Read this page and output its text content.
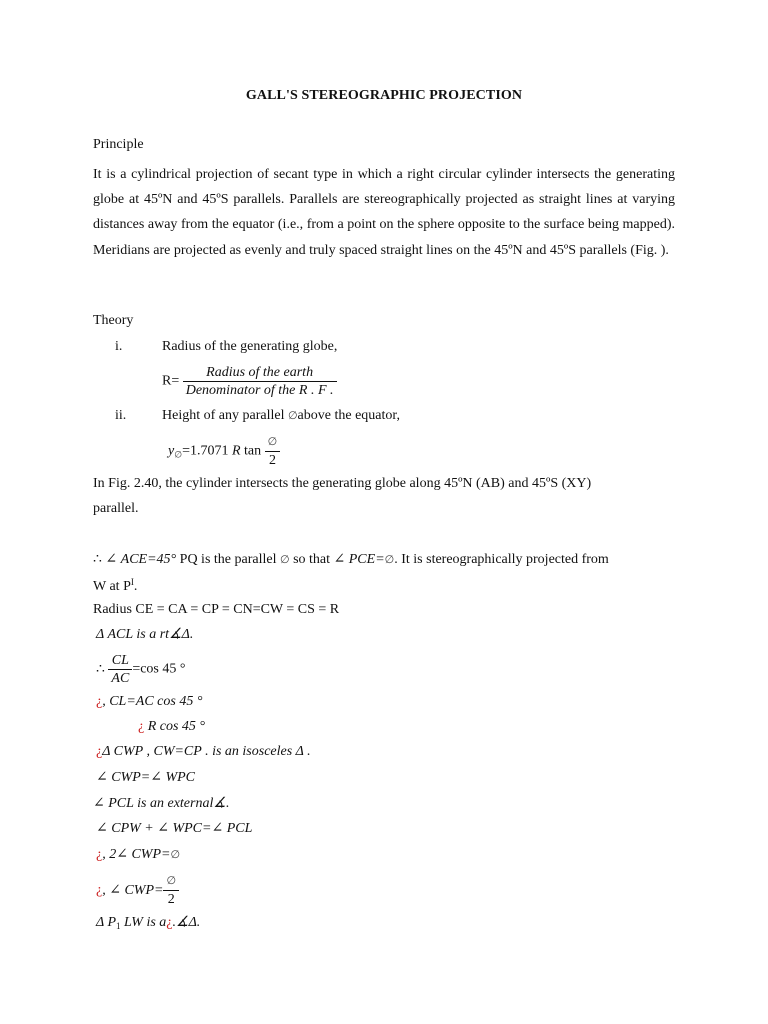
GALL'S STEREOGRAPHIC PROJECTION
Principle
It is a cylindrical projection of secant type in which a right circular cylinder intersects the generating globe at 45ºN and 45ºS parallels. Parallels are stereographically projected as straight lines at varying distances away from the equator (i.e., from a point on the sphere opposite to the surface being mapped). Meridians are projected as evenly and truly spaced straight lines on the 45ºN and 45ºS parallels (Fig. ).
Theory
i.	Radius of the generating globe,
$R= \frac{\text{Radius of the earth}}{\text{Denominator of the R . F .}}$
ii.	Height of any parallel ∅above the equator,
$y_\emptyset=1.7071$ R $\tan \frac{\emptyset}{2}$
In Fig. 2.40, the cylinder intersects the generating globe along 45ºN (AB) and 45ºS (XY)
parallel.
∴ ∠ ACE=45° PQ is the parallel ∅ so that ∠ PCE=∅. It is stereographically projected from
W at $P^I$.
Radius CE = CA = CP = CN=CW = CS = R
Δ ACL is a rt∡Δ.
∴ $\frac{CL}{AC} =\cos$ 45 °
¿, CL=AC cos 45 °
¿ R cos 45 °
¿Δ CWP , CW=CP . is an isosceles Δ .
∠ CWP=∠ WPC
∠ PCL is an external∡.
∠ CPW + ∠ WPC=∠ PCL
¿, 2∠ CWP=∅
¿, ∠ $CWP= \frac{\emptyset}{2}$
Δ $P_1$ LW is a¿.∡Δ.
